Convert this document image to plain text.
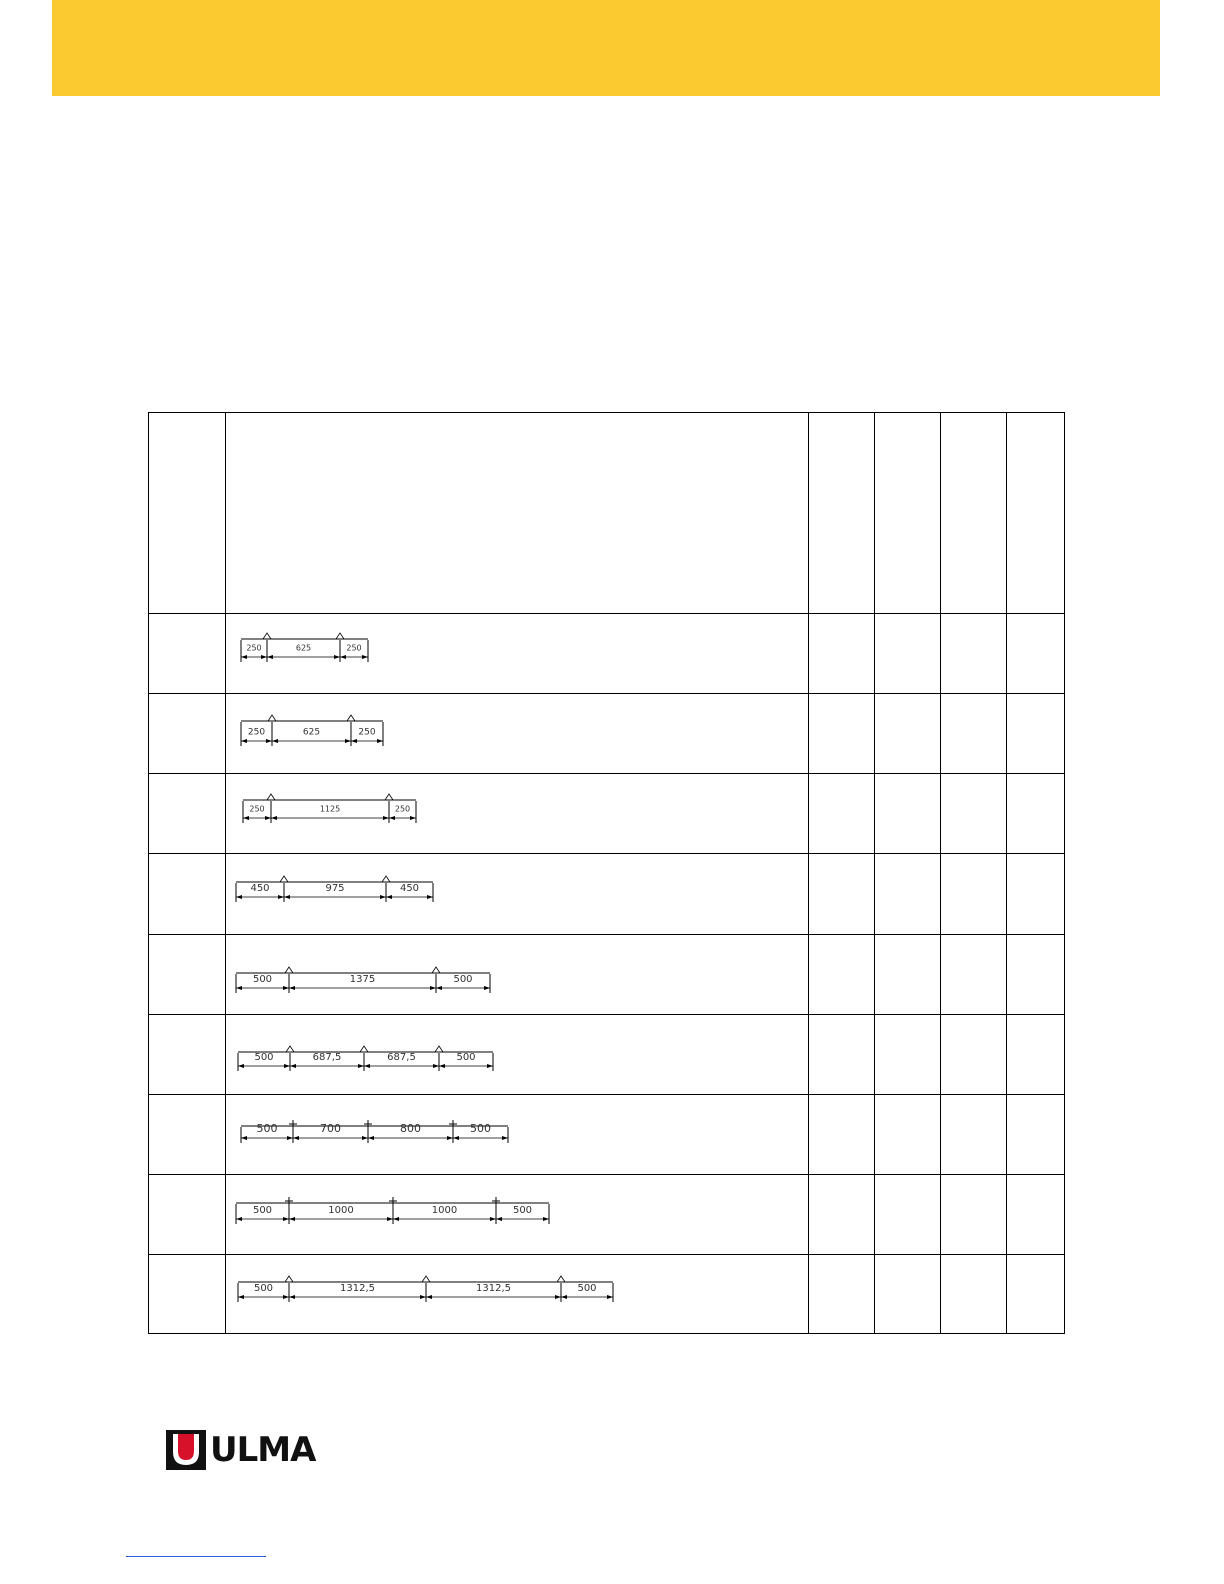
250	625	250
250	625	250
250	1125	250
450	975	450
500	1375	500
500	687,5	687,5	500
500	700	800	500
500	1000	1000	500
500	1312,5	1312,5	500
ULMA
